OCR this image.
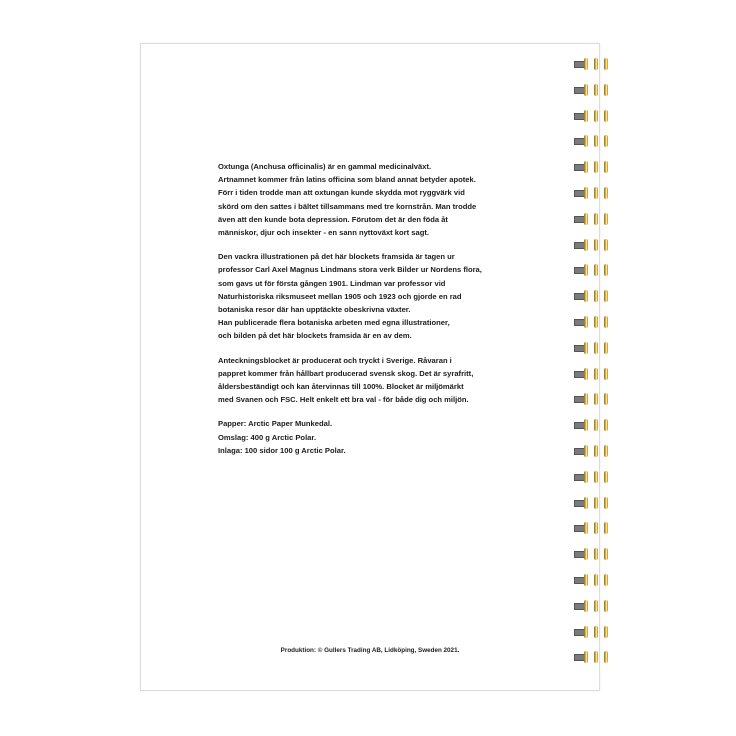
Oxtunga (Anchusa officinalis) är en gammal medicinalväxt.
Artnamnet kommer från latins officina som bland annat betyder apotek.
Förr i tiden trodde man att oxtungan kunde skydda mot ryggvärk vid
skörd om den sattes i bältet tillsammans med tre kornstrån. Man trodde
även att den kunde bota depression. Förutom det är den föda åt
människor, djur och insekter - en sann nyttoväxt kort sagt.

Den vackra illustrationen på det här blockets framsida är tagen ur
professor Carl Axel Magnus Lindmans stora verk Bilder ur Nordens flora,
som gavs ut för första gången 1901. Lindman var professor vid
Naturhistoriska riksmuseet mellan 1905 och 1923 och gjorde en rad
botaniska resor där han upptäckte obeskrivna växter.
Han publicerade flera botaniska arbeten med egna illustrationer,
och bilden på det här blockets framsida är en av dem.

Anteckningsblocket är producerat och tryckt i Sverige. Råvaran i
pappret kommer från hållbart producerad svensk skog. Det är syrafritt,
åldersbeständigt och kan återvinnas till 100%. Blocket är miljömärkt
med Svanen och FSC. Helt enkelt ett bra val - för både dig och miljön.

Papper: Arctic Paper Munkedal.
Omslag: 400 g Arctic Polar.
Inlaga: 100 sidor 100 g Arctic Polar.

Produktion: © Gullers Trading AB, Lidköping, Sweden 2021.
